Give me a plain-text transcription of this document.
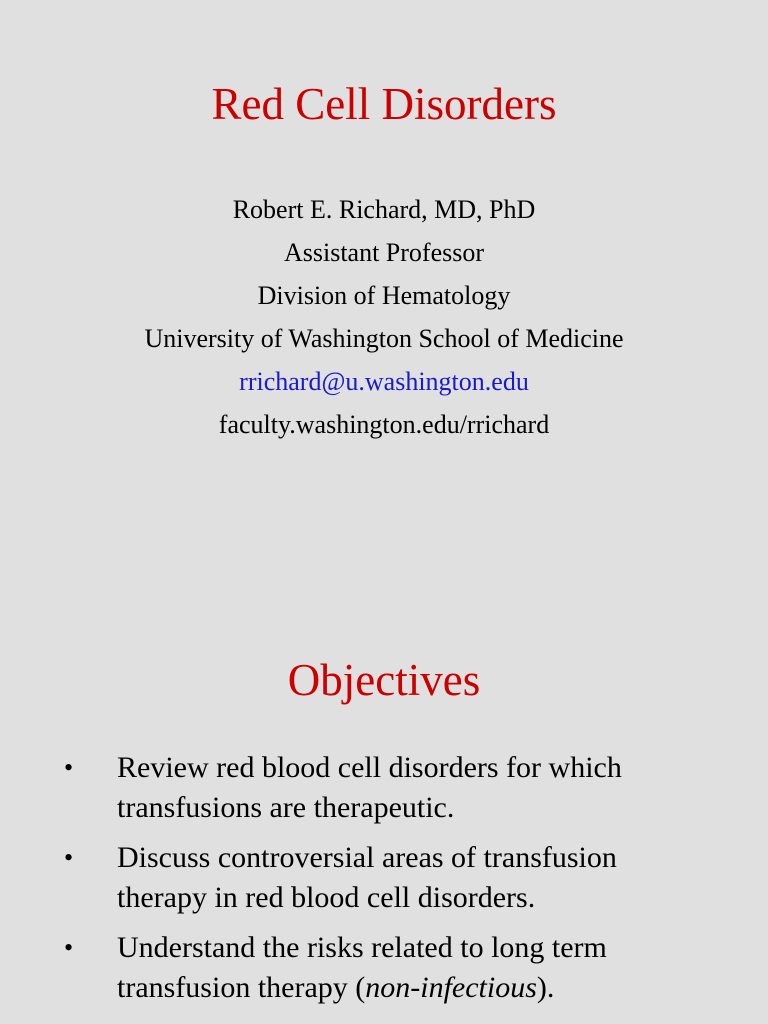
Red Cell Disorders
Robert E. Richard, MD, PhD
Assistant Professor
Division of Hematology
University of Washington School of Medicine
rrichard@u.washington.edu
faculty.washington.edu/rrichard
Objectives
• Review red blood cell disorders for which transfusions are therapeutic.
• Discuss controversial areas of transfusion therapy in red blood cell disorders.
• Understand the risks related to long term transfusion therapy (non-infectious).
